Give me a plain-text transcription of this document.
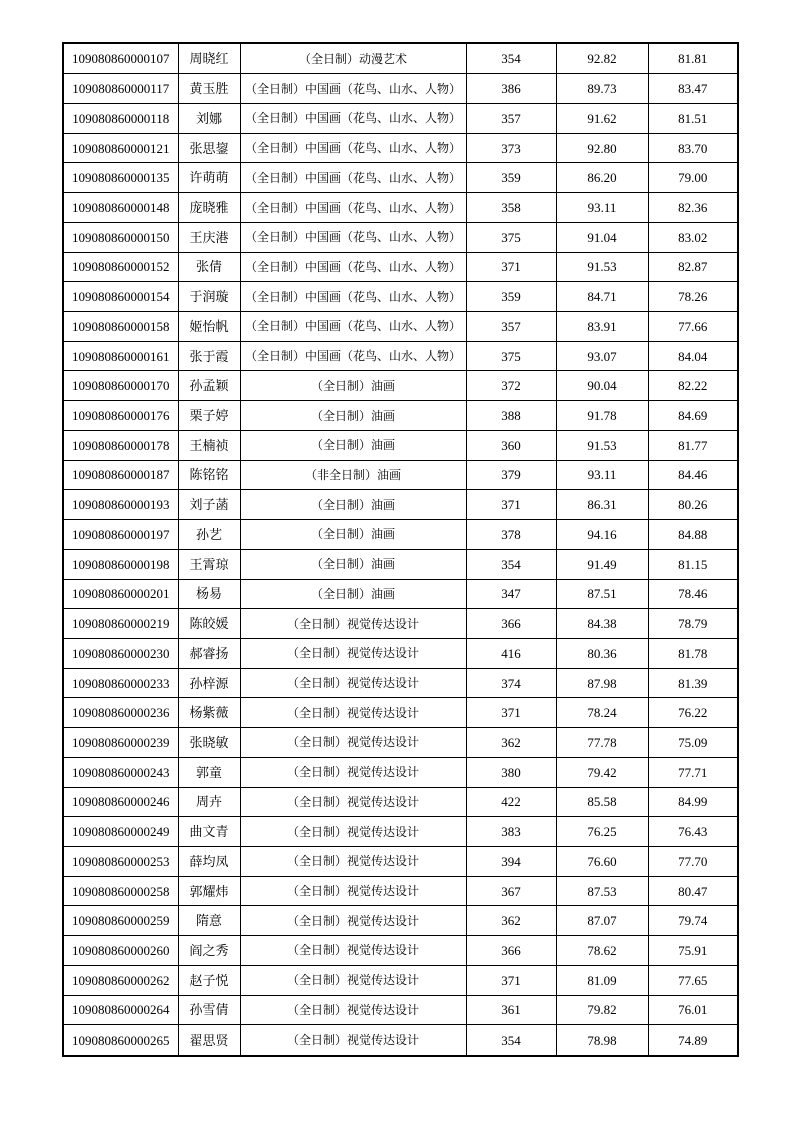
109080860000107	周晓红	（全日制）动漫艺术	354	92.82	81.81
109080860000117	黄玉胜	（全日制）中国画（花鸟、山水、人物）	386	89.73	83.47
109080860000118	刘娜	（全日制）中国画（花鸟、山水、人物）	357	91.62	81.51
109080860000121	张思鋆	（全日制）中国画（花鸟、山水、人物）	373	92.80	83.70
109080860000135	许萌萌	（全日制）中国画（花鸟、山水、人物）	359	86.20	79.00
109080860000148	庞晓雅	（全日制）中国画（花鸟、山水、人物）	358	93.11	82.36
109080860000150	王庆港	（全日制）中国画（花鸟、山水、人物）	375	91.04	83.02
109080860000152	张倩	（全日制）中国画（花鸟、山水、人物）	371	91.53	82.87
109080860000154	于润璇	（全日制）中国画（花鸟、山水、人物）	359	84.71	78.26
109080860000158	姬怡帆	（全日制）中国画（花鸟、山水、人物）	357	83.91	77.66
109080860000161	张于霞	（全日制）中国画（花鸟、山水、人物）	375	93.07	84.04
109080860000170	孙孟颖	（全日制）油画	372	90.04	82.22
109080860000176	栗子婷	（全日制）油画	388	91.78	84.69
109080860000178	王楠祯	（全日制）油画	360	91.53	81.77
109080860000187	陈铭铭	（非全日制）油画	379	93.11	84.46
109080860000193	刘子菡	（全日制）油画	371	86.31	80.26
109080860000197	孙艺	（全日制）油画	378	94.16	84.88
109080860000198	王霄琼	（全日制）油画	354	91.49	81.15
109080860000201	杨易	（全日制）油画	347	87.51	78.46
109080860000219	陈皎媛	（全日制）视觉传达设计	366	84.38	78.79
109080860000230	郝睿扬	（全日制）视觉传达设计	416	80.36	81.78
109080860000233	孙梓源	（全日制）视觉传达设计	374	87.98	81.39
109080860000236	杨紫薇	（全日制）视觉传达设计	371	78.24	76.22
109080860000239	张晓敏	（全日制）视觉传达设计	362	77.78	75.09
109080860000243	郭童	（全日制）视觉传达设计	380	79.42	77.71
109080860000246	周卉	（全日制）视觉传达设计	422	85.58	84.99
109080860000249	曲文青	（全日制）视觉传达设计	383	76.25	76.43
109080860000253	薛均凤	（全日制）视觉传达设计	394	76.60	77.70
109080860000258	郭耀炜	（全日制）视觉传达设计	367	87.53	80.47
109080860000259	隋意	（全日制）视觉传达设计	362	87.07	79.74
109080860000260	阎之秀	（全日制）视觉传达设计	366	78.62	75.91
109080860000262	赵子悦	（全日制）视觉传达设计	371	81.09	77.65
109080860000264	孙雪倩	（全日制）视觉传达设计	361	79.82	76.01
109080860000265	翟思贤	（全日制）视觉传达设计	354	78.98	74.89
